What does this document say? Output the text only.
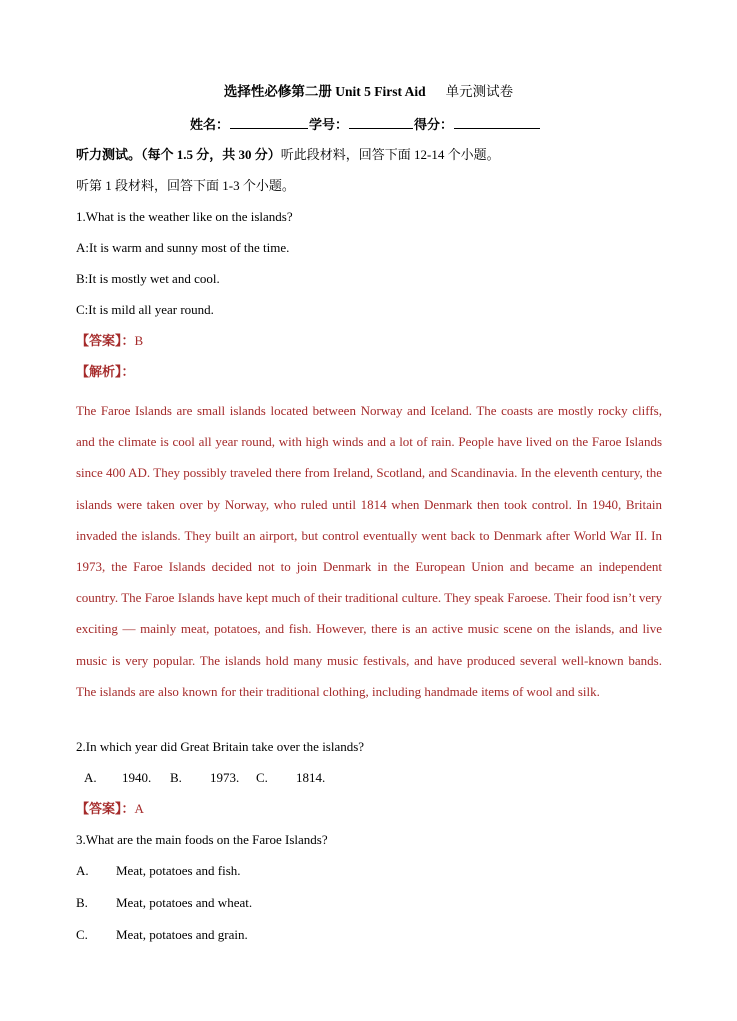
选择性必修第二册 Unit 5 First Aid 单元测试卷
姓名：	学号：	得分：
听力测试。（每个 1.5 分，共 30 分）听此段材料，回答下面 12-14 个小题。
听第 1 段材料，回答下面 1-3 个小题。
1.What is the weather like on the islands?
A:It is warm and sunny most of the time.
B:It is mostly wet and cool.
C:It is mild all year round.
【答案】：B
【解析】：

The Faroe Islands are small islands located between Norway and Iceland. The coasts are mostly rocky cliffs, and the climate is cool all year round, with high winds and a lot of rain. People have lived on the Faroe Islands since 400 AD. They possibly traveled there from Ireland, Scotland, and Scandinavia. In the eleventh century, the islands were taken over by Norway, who ruled until 1814 when Denmark then took control. In 1940, Britain invaded the islands. They built an airport, but control eventually went back to Denmark after World War II. In 1973, the Faroe Islands decided not to join Denmark in the European Union and became an independent country. The Faroe Islands have kept much of their traditional culture. They speak Faroese. Their food isn’t very exciting — mainly meat, potatoes, and fish. However, there is an active music scene on the islands, and live music is very popular. The islands hold many music festivals, and have produced several well-known bands. The islands are also known for their traditional clothing, including handmade items of wool and silk.

2.In which year did Great Britain take over the islands?
A. 1940. B. 1973. C. 1814.
【答案】：A
3.What are the main foods on the Faroe Islands?
A. Meat, potatoes and fish.
B. Meat, potatoes and wheat.
C. Meat, potatoes and grain.
